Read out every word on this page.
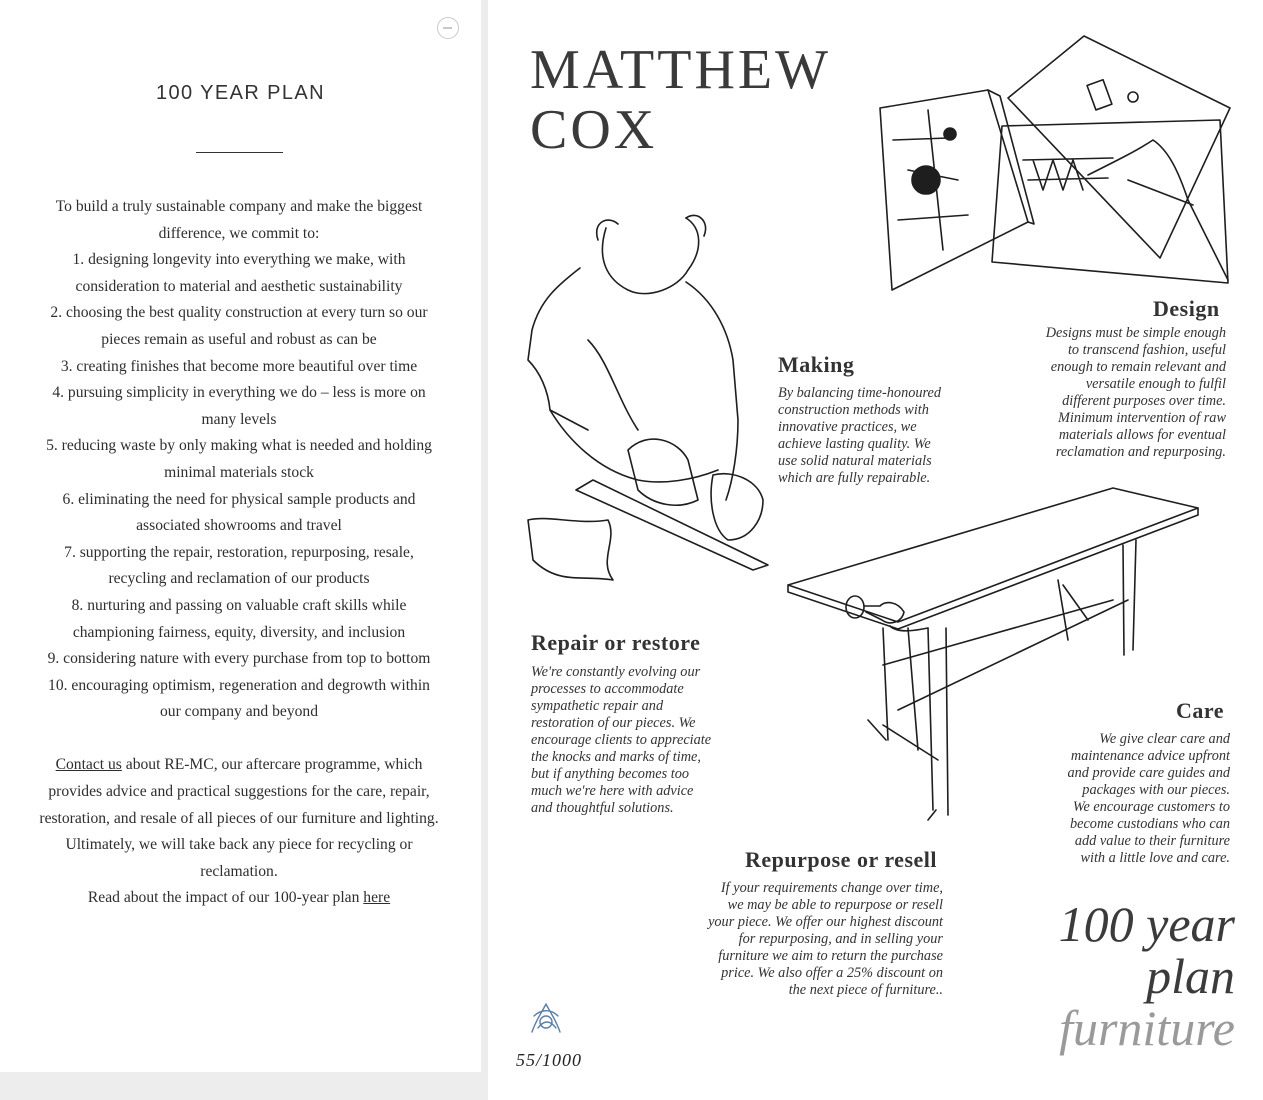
100 YEAR PLAN

To build a truly sustainable company and make the biggest difference, we commit to:

1. designing longevity into everything we make, with consideration to material and aesthetic sustainability

2. choosing the best quality construction at every turn so our pieces remain as useful and robust as can be

3. creating finishes that become more beautiful over time

4. pursuing simplicity in everything we do – less is more on many levels

5. reducing waste by only making what is needed and holding minimal materials stock

6. eliminating the need for physical sample products and associated showrooms and travel

7. supporting the repair, restoration, repurposing, resale, recycling and reclamation of our products

8. nurturing and passing on valuable craft skills while championing fairness, equity, diversity, and inclusion

9. considering nature with every purchase from top to bottom

10. encouraging optimism, regeneration and degrowth within our company and beyond

Contact us about RE-MC, our aftercare programme, which provides advice and practical suggestions for the care, repair, restoration, and resale of all pieces of our furniture and lighting. Ultimately, we will take back any piece for recycling or reclamation.

Read about the impact of our 100-year plan here

MATTHEW
COX
Design
Designs must be simple enough
to transcend fashion, useful
enough to remain relevant and
versatile enough to fulfil
different purposes over time.
Minimum intervention of raw
materials allows for eventual
reclamation and repurposing.
Making
By balancing time-honoured
construction methods with
innovative practices, we
achieve lasting quality. We
use solid natural materials
which are fully repairable.
Repair or restore
We're constantly evolving our
processes to accommodate
sympathetic repair and
restoration of our pieces. We
encourage clients to appreciate
the knocks and marks of time,
but if anything becomes too
much we're here with advice
and thoughtful solutions.
Care
We give clear care and
maintenance advice upfront
and provide care guides and
packages with our pieces.
We encourage customers to
become custodians who can
add value to their furniture
with a little love and care.
Repurpose or resell
If your requirements change over time,
we may be able to repurpose or resell
your piece. We offer our highest discount
for repurposing, and in selling your
furniture we aim to return the purchase
price. We also offer a 25% discount on
the next piece of furniture..
100 year
plan
furniture
55/1000
